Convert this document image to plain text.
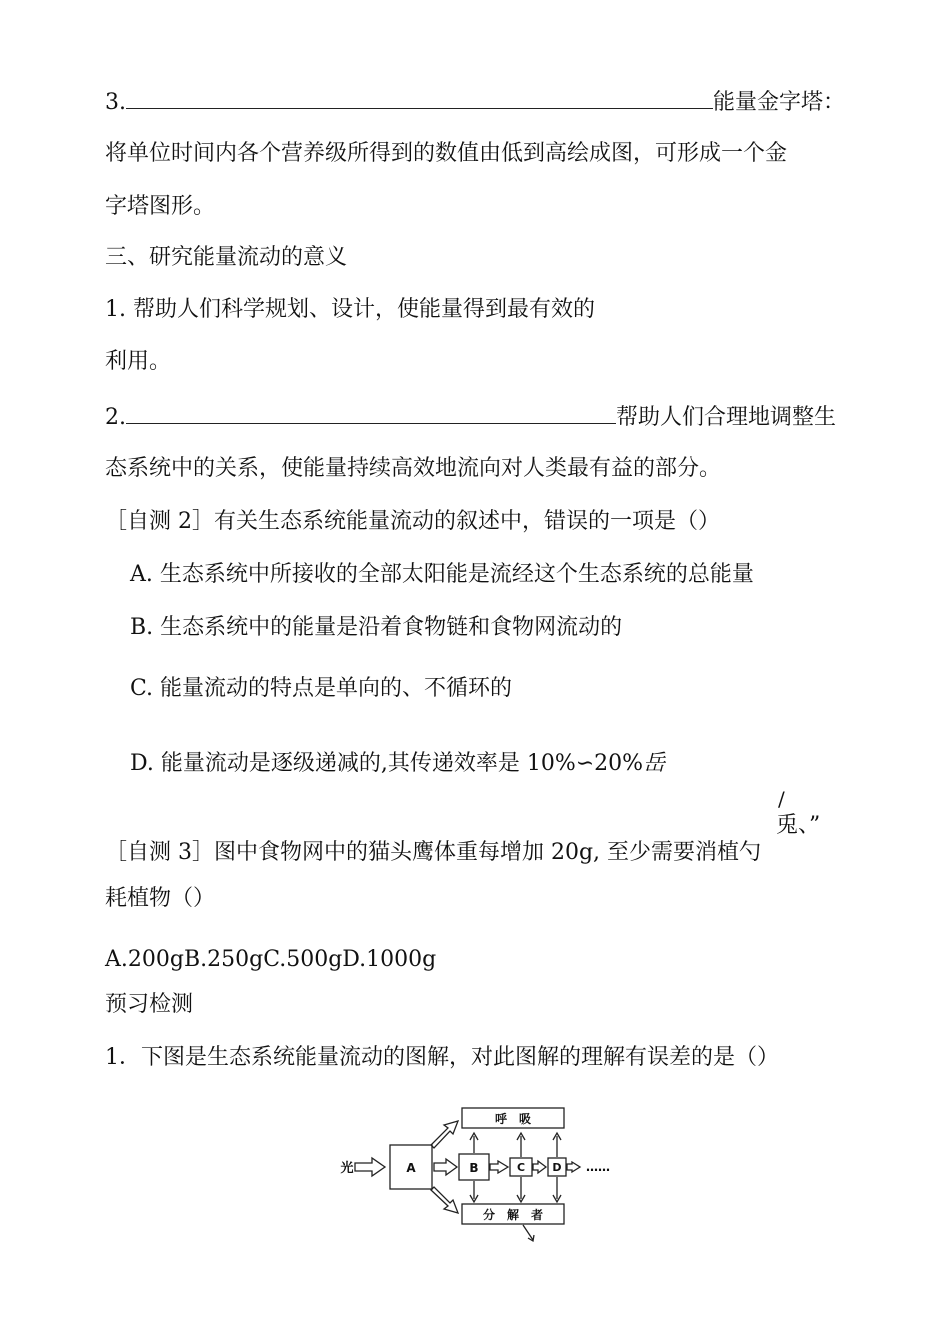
3.	能量金字塔：
将单位时间内各个营养级所得到的数值由低到高绘成图，可形成一个金
字塔图形。
三、研究能量流动的意义
1. 帮助人们科学规划、设计，使能量得到最有效的
利用。
2.	帮助人们合理地调整生
态系统中的关系，使能量持续高效地流向对人类最有益的部分。
［自测 2］有关生态系统能量流动的叙述中，错误的一项是（）
A. 生态系统中所接收的全部太阳能是流经这个生态系统的总能量
B. 生态系统中的能量是沿着食物链和食物网流动的
C. 能量流动的特点是单向的、不循环的
D. 能量流动是逐级递减的,其传递效率是 10%∽20%岳
/
兎、”
［自测 3］图中食物网中的猫头鹰体重每增加 20g, 至少需要消植勺
耗植物（）
A.200gB.250gC.500gD.1000g
预习检测
1．下图是生态系统能量流动的图解，对此图解的理解有误差的是（）
光	A	B	C D ……
呼　吸
分　解　者
